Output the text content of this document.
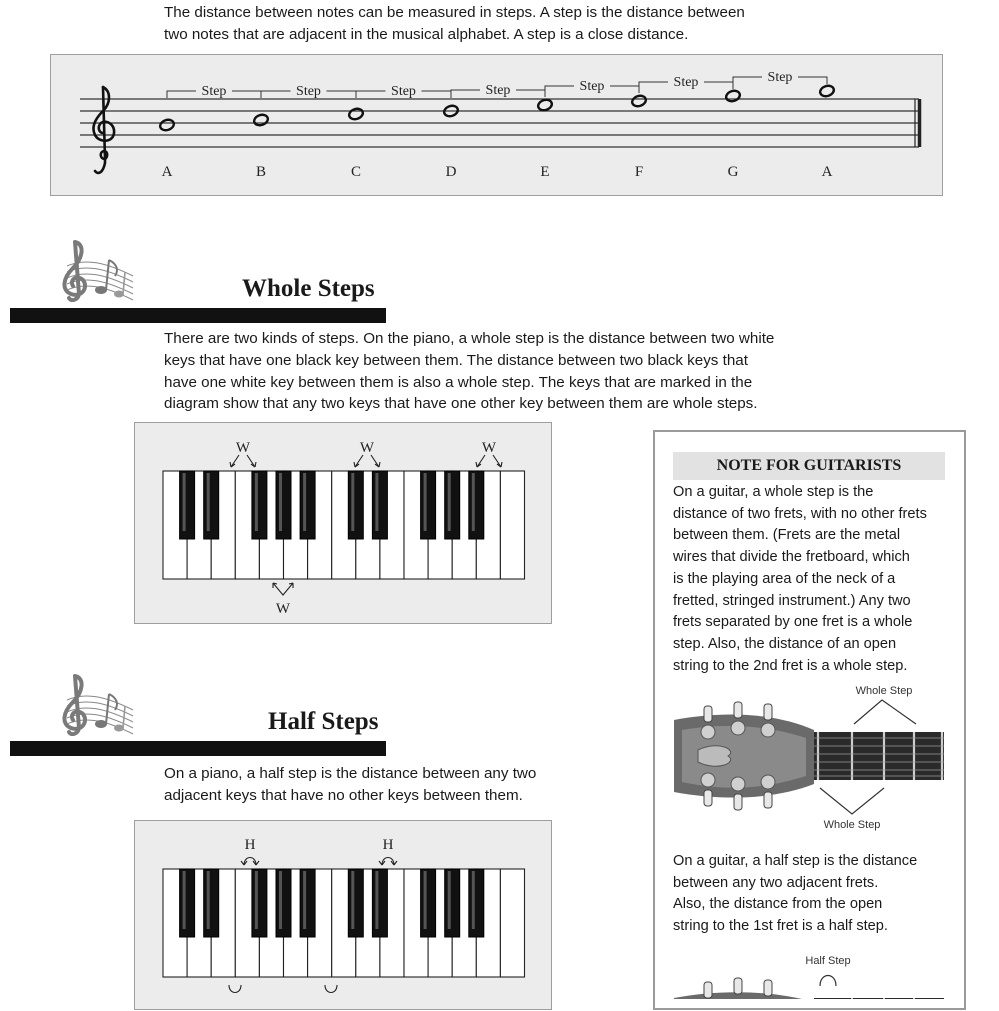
The distance between notes can be measured in steps. A step is the distance between
two notes that are adjacent in the musical alphabet. A step is a close distance.
A	B	C	D	E	F	G	A
Step	Step	Step	Step	Step	Step	Step
Whole Steps
There are two kinds of steps. On the piano, a whole step is the distance between two white
keys that have one black key between them. The distance between two black keys that
have one white key between them is also a whole step. The keys that are marked in the
diagram show that any two keys that have one other key between them are whole steps.
W	W	W
W
Half Steps
On a piano, a half step is the distance between any two
adjacent keys that have no other keys between them.
H	H
NOTE FOR GUITARISTS
On a guitar, a whole step is the
distance of two frets, with no other frets
between them. (Frets are the metal
wires that divide the fretboard, which
is the playing area of the neck of a
fretted, stringed instrument.) Any two
frets separated by one fret is a whole
step. Also, the distance of an open
string to the 2nd fret is a whole step.
Whole Step
Whole Step
On a guitar, a half step is the distance
between any two adjacent frets.
Also, the distance from the open
string to the 1st fret is a half step.
Half Step
